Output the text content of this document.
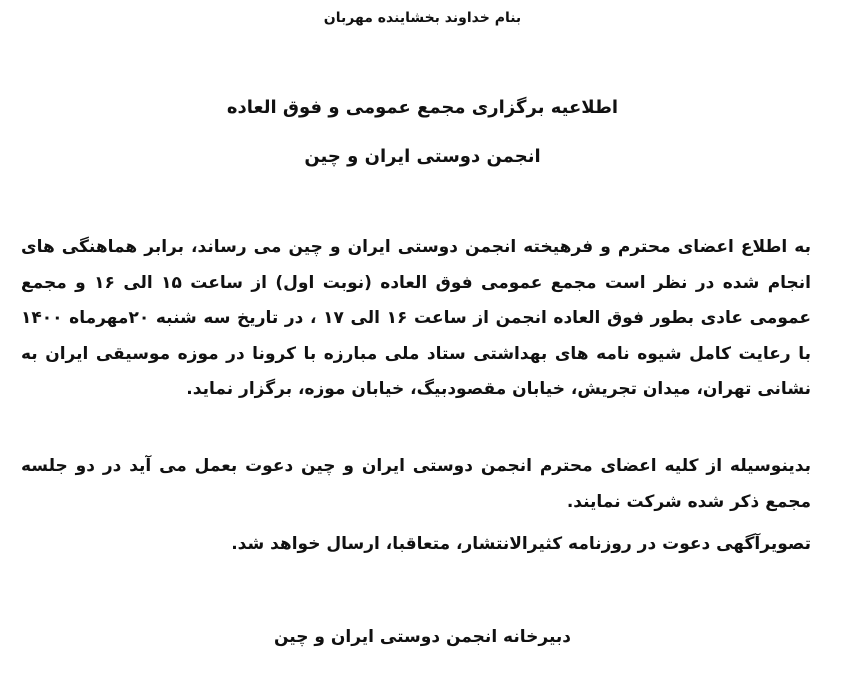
بنام خداوند بخشاینده مهربان
اطلاعیه برگزاری مجمع عمومی و فوق العاده
انجمن دوستی ایران و چین
به اطلاع اعضای محترم و فرهیخته انجمن دوستی ایران و چین می رساند، برابر هماهنگی های انجام شده در نظر است مجمع عمومی فوق العاده (نوبت اول) از ساعت ۱۵ الی ۱۶ و مجمع عمومی عادی بطور فوق العاده انجمن از ساعت ۱۶ الی ۱۷ ، در تاریخ سه شنبه ۲۰مهرماه ۱۴۰۰ با رعایت کامل شیوه نامه های بهداشتی ستاد ملی مبارزه با کرونا در موزه موسیقی ایران به نشانی تهران، میدان تجریش، خیابان مقصودبیگ، خیابان موزه، برگزار نماید.
بدینوسیله از کلیه اعضای محترم انجمن دوستی ایران و چین دعوت بعمل می آید در دو جلسه مجمع ذکر شده شرکت نمایند.
تصویرآگهی دعوت در روزنامه کثیرالانتشار، متعاقبا، ارسال خواهد شد.
دبیرخانه انجمن دوستی ایران و چین
